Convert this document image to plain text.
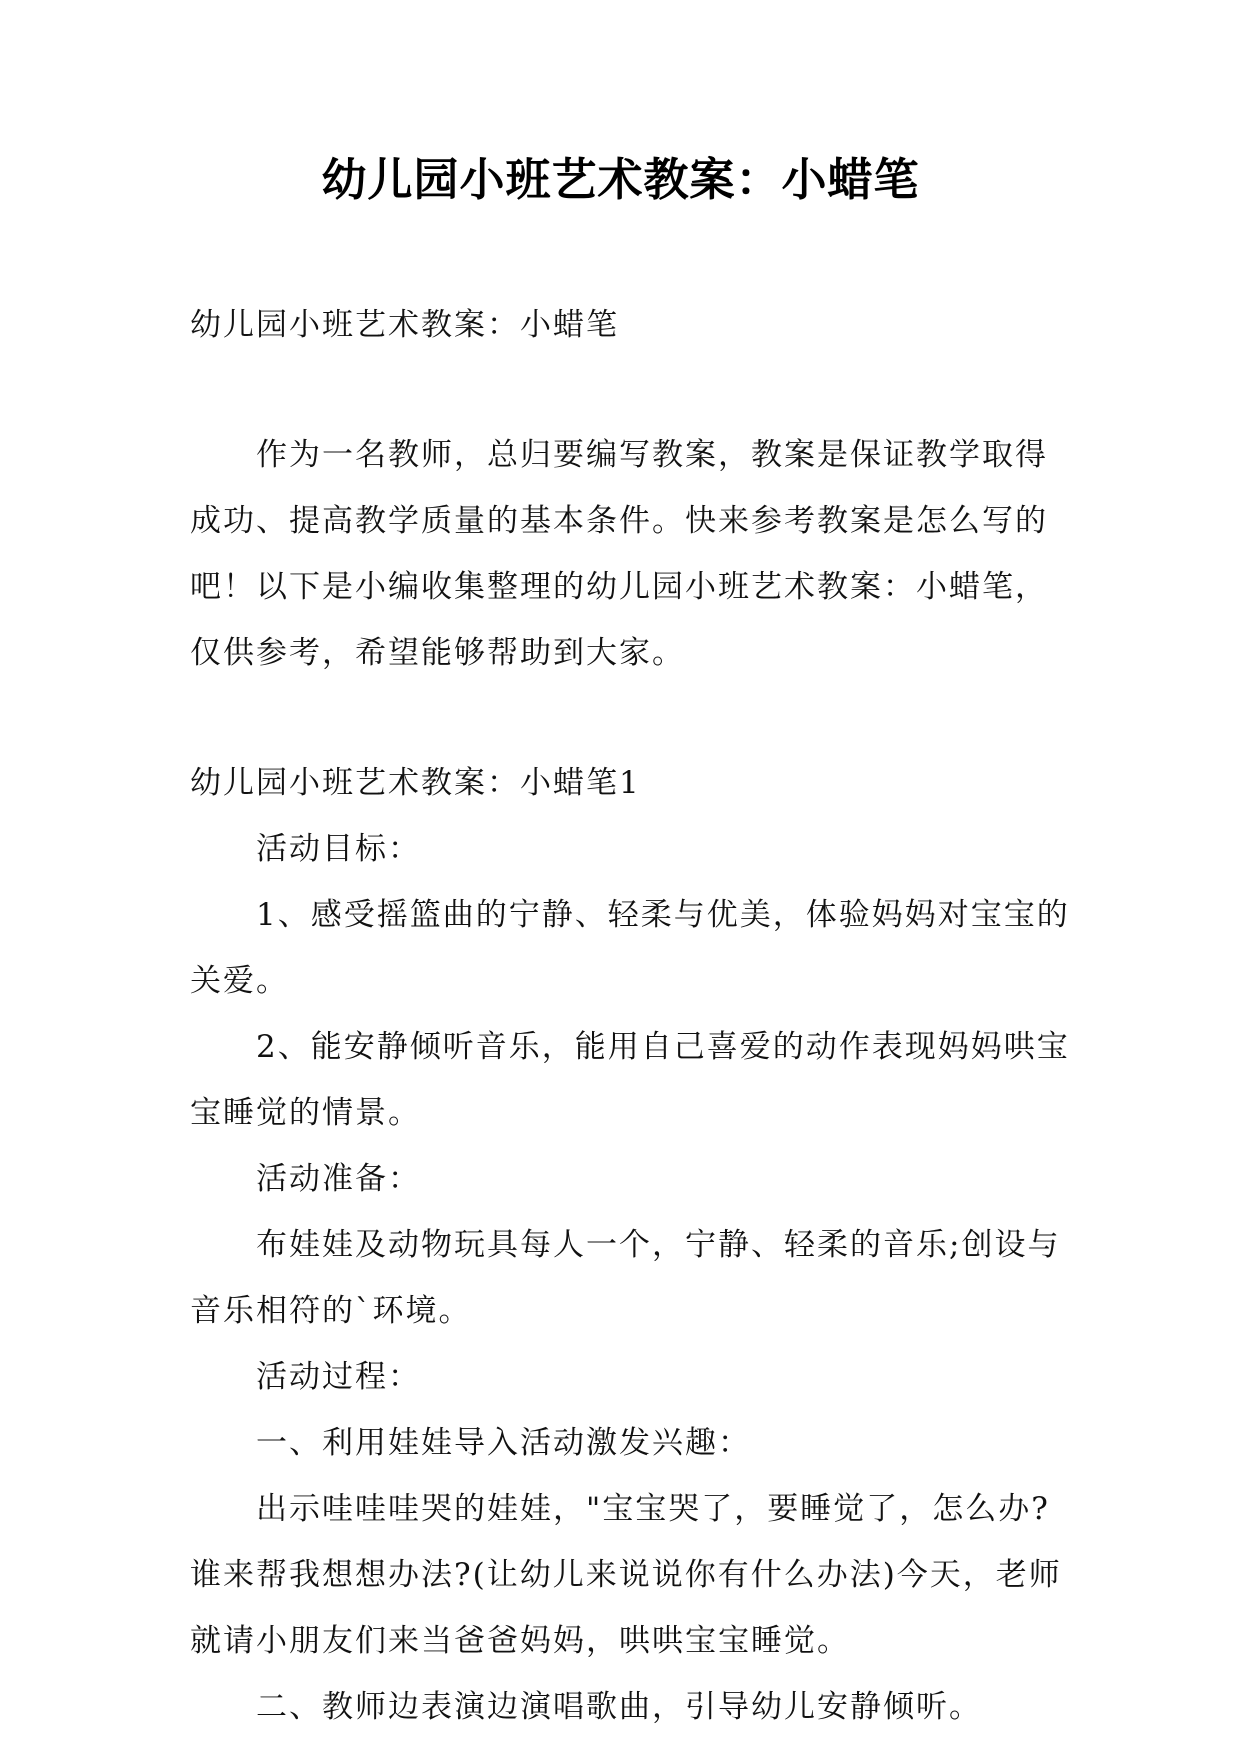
幼儿园小班艺术教案：小蜡笔

幼儿园小班艺术教案：小蜡笔

作为一名教师，总归要编写教案，教案是保证教学取得成功、提高教学质量的基本条件。快来参考教案是怎么写的吧！以下是小编收集整理的幼儿园小班艺术教案：小蜡笔，仅供参考，希望能够帮助到大家。

幼儿园小班艺术教案：小蜡笔1

活动目标：

1、感受摇篮曲的宁静、轻柔与优美，体验妈妈对宝宝的关爱。

2、能安静倾听音乐，能用自己喜爱的动作表现妈妈哄宝宝睡觉的情景。

活动准备：

布娃娃及动物玩具每人一个，宁静、轻柔的音乐;创设与音乐相符的`环境。

活动过程：

一、利用娃娃导入活动激发兴趣：

出示哇哇哇哭的娃娃，"宝宝哭了，要睡觉了，怎么办?谁来帮我想想办法?(让幼儿来说说你有什么办法)今天，老师就请小朋友们来当爸爸妈妈，哄哄宝宝睡觉。

二、教师边表演边演唱歌曲，引导幼儿安静倾听。
